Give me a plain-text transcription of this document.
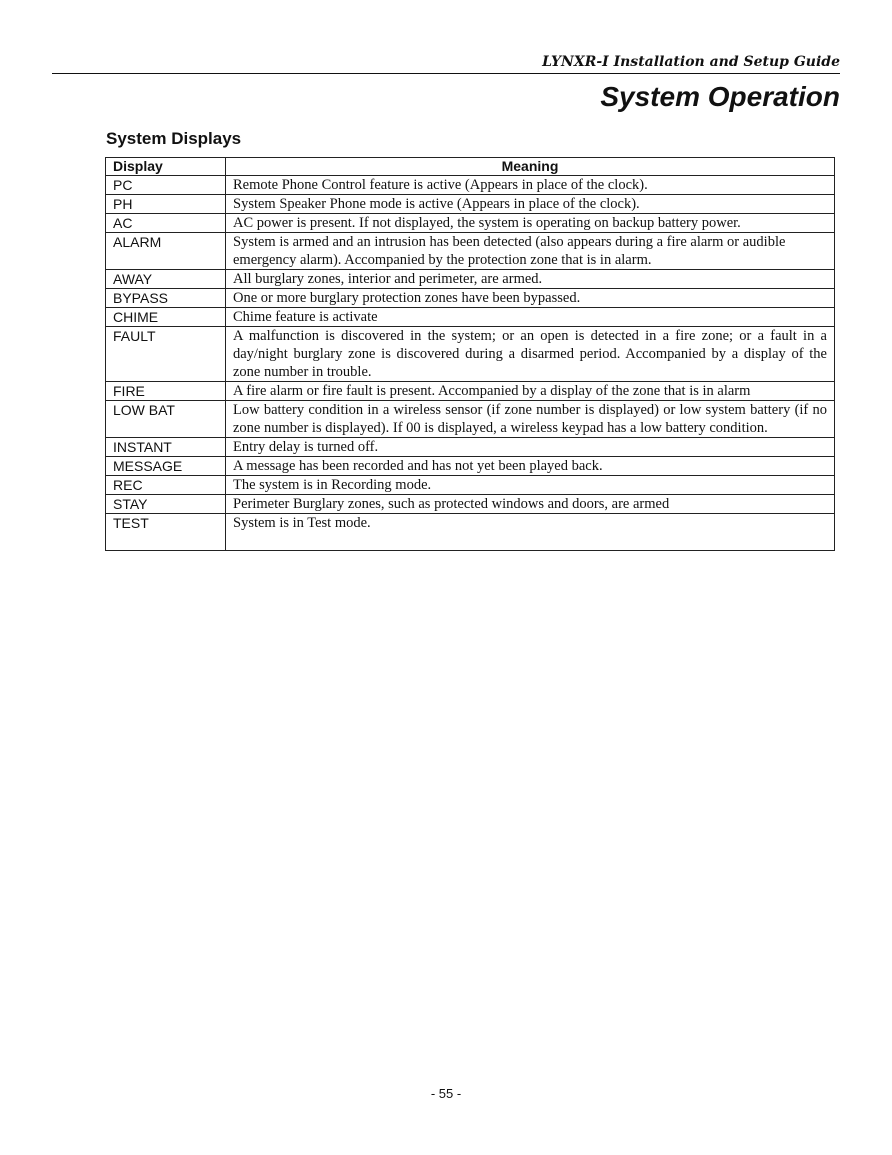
LYNXR-I Installation and Setup Guide
System Operation
System Displays
Display	Meaning
PC	Remote Phone Control feature is active (Appears in place of the clock).
PH	System Speaker Phone mode is active (Appears in place of the clock).
AC	AC power is present. If not displayed, the system is operating on backup battery power.
ALARM	System is armed and an intrusion has been detected (also appears during a fire alarm or audible emergency alarm). Accompanied by the protection zone that is in alarm.
AWAY	All burglary zones, interior and perimeter, are armed.
BYPASS	One or more burglary protection zones have been bypassed.
CHIME	Chime feature is activate
FAULT	A malfunction is discovered in the system; or an open is detected in a fire zone; or a fault in a day/night burglary zone is discovered during a disarmed period. Accompanied by a display of the zone number in trouble.
FIRE	A fire alarm or fire fault is present. Accompanied by a display of the zone that is in alarm
LOW BAT	Low battery condition in a wireless sensor (if zone number is displayed) or low system battery (if no zone number is displayed). If 00 is displayed, a wireless keypad has a low battery condition.
INSTANT	Entry delay is turned off.
MESSAGE	A message has been recorded and has not yet been played back.
REC	The system is in Recording mode.
STAY	Perimeter Burglary zones, such as protected windows and doors, are armed
TEST	System is in Test mode.
- 55 -
